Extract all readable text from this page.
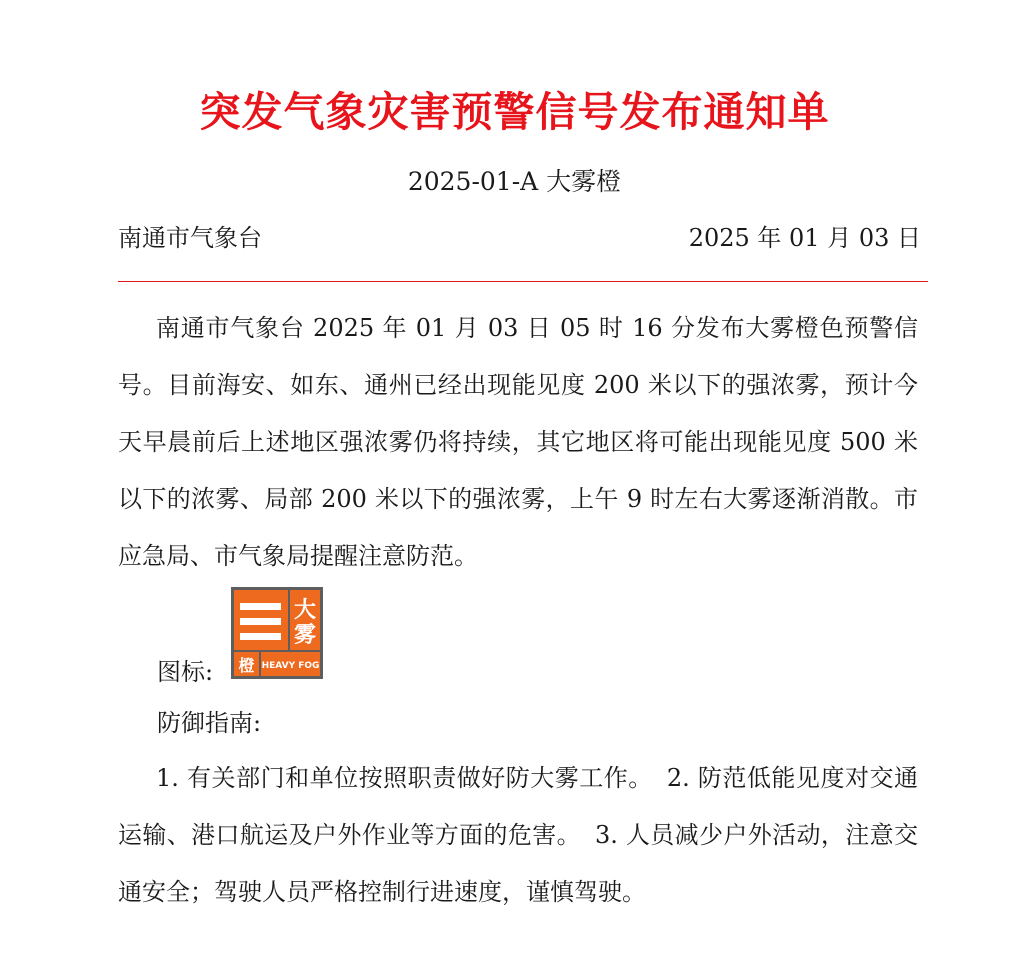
突发气象灾害预警信号发布通知单
2025-01-A 大雾橙
南通市气象台	2025 年 01 月 03 日
南通市气象台 2025 年 01 月 03 日 05 时 16 分发布大雾橙色预警信号。目前海安、如东、通州已经出现能见度 200 米以下的强浓雾，预计今天早晨前后上述地区强浓雾仍将持续，其它地区将可能出现能见度 500 米以下的浓雾、局部 200 米以下的强浓雾，上午 9 时左右大雾逐渐消散。市应急局、市气象局提醒注意防范。
图标:
大
雾
橙 HEAVY FOG
防御指南:
1. 有关部门和单位按照职责做好防大雾工作。 2. 防范低能见度对交通运输、港口航运及户外作业等方面的危害。 3. 人员减少户外活动，注意交通安全；驾驶人员严格控制行进速度，谨慎驾驶。
